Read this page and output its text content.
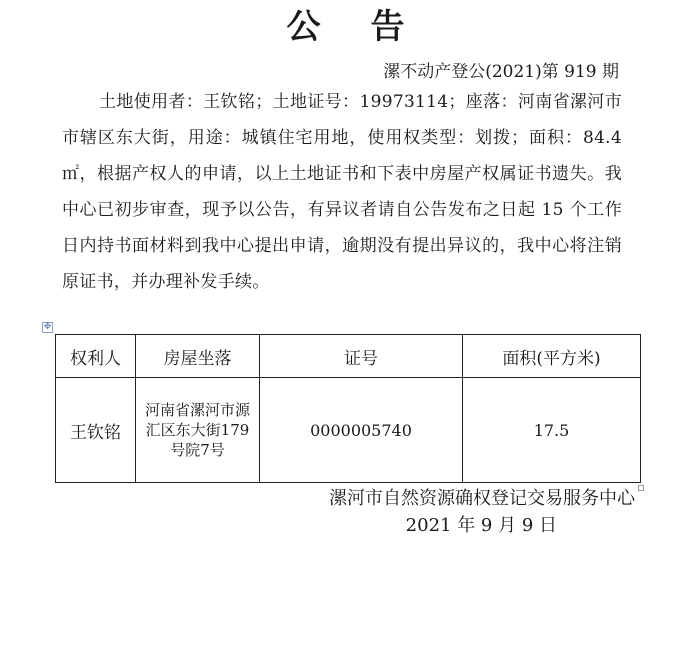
公告
漯不动产登公(2021)第 919 期
土地使用者：王钦铭；土地证号：19973114；座落：河南省漯河市市辖区东大街，用途：城镇住宅用地，使用权类型：划拨；面积：84.4 ㎡，根据产权人的申请，以上土地证书和下表中房屋产权属证书遗失。我中心已初步审查，现予以公告，有异议者请自公告发布之日起 15 个工作日内持书面材料到我中心提出申请，逾期没有提出异议的，我中心将注销原证书，并办理补发手续。
✥
权利人	房屋坐落	证号	面积(平方米)
王钦铭	河南省漯河市源汇区东大街179号院7号	0000005740	17.5
漯河市自然资源确权登记交易服务中心
2021 年 9 月 9 日
